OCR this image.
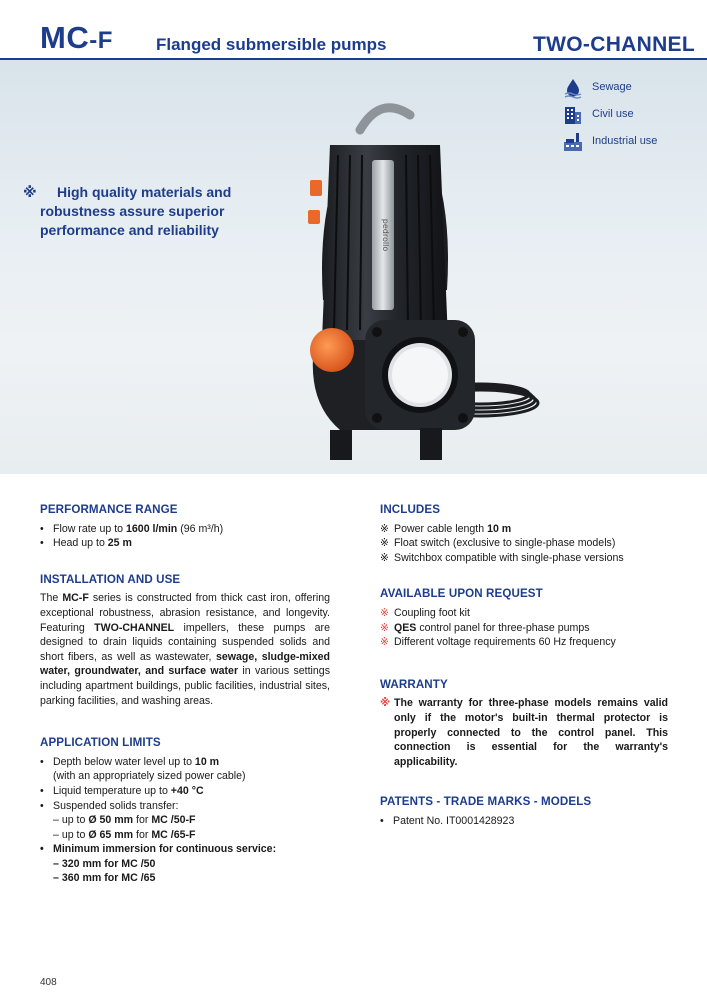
MC-F	Flanged submersible pumps	TWO-CHANNEL
※ High quality materials and
robustness assure superior
performance and reliability
Sewage
Civil use
Industrial use
pedrollo
PERFORMANCE RANGE
• Flow rate up to 1600 l/min (96 m³/h)
• Head up to 25 m
INSTALLATION AND USE
The MC-F series is constructed from thick cast iron, offering exceptional robustness, abrasion resistance, and longevity. Featuring TWO-CHANNEL impellers, these pumps are designed to drain liquids containing suspended solids and short fibers, as well as wastewater, sewage, sludge-mixed water, groundwater, and surface water in various settings including apartment buildings, public facilities, industrial sites, parking facilities, and washing areas.
APPLICATION LIMITS
• Depth below water level up to 10 m
(with an appropriately sized power cable)
• Liquid temperature up to +40 °C
• Suspended solids transfer:
– up to Ø 50 mm for MC /50-F
– up to Ø 65 mm for MC /65-F
• Minimum immersion for continuous service:
– 320 mm for MC /50
– 360 mm for MC /65
INCLUDES
※ Power cable length 10 m
※ Float switch (exclusive to single-phase models)
※ Switchbox compatible with single-phase versions
AVAILABLE UPON REQUEST
※ Coupling foot kit
※ QES control panel for three-phase pumps
※ Different voltage requirements 60 Hz frequency
WARRANTY
※ The warranty for three-phase models remains valid only if the motor's built-in thermal protector is properly connected to the control panel. This connection is essential for the warranty's applicability.
PATENTS - TRADE MARKS - MODELS
• Patent No. IT0001428923
408
